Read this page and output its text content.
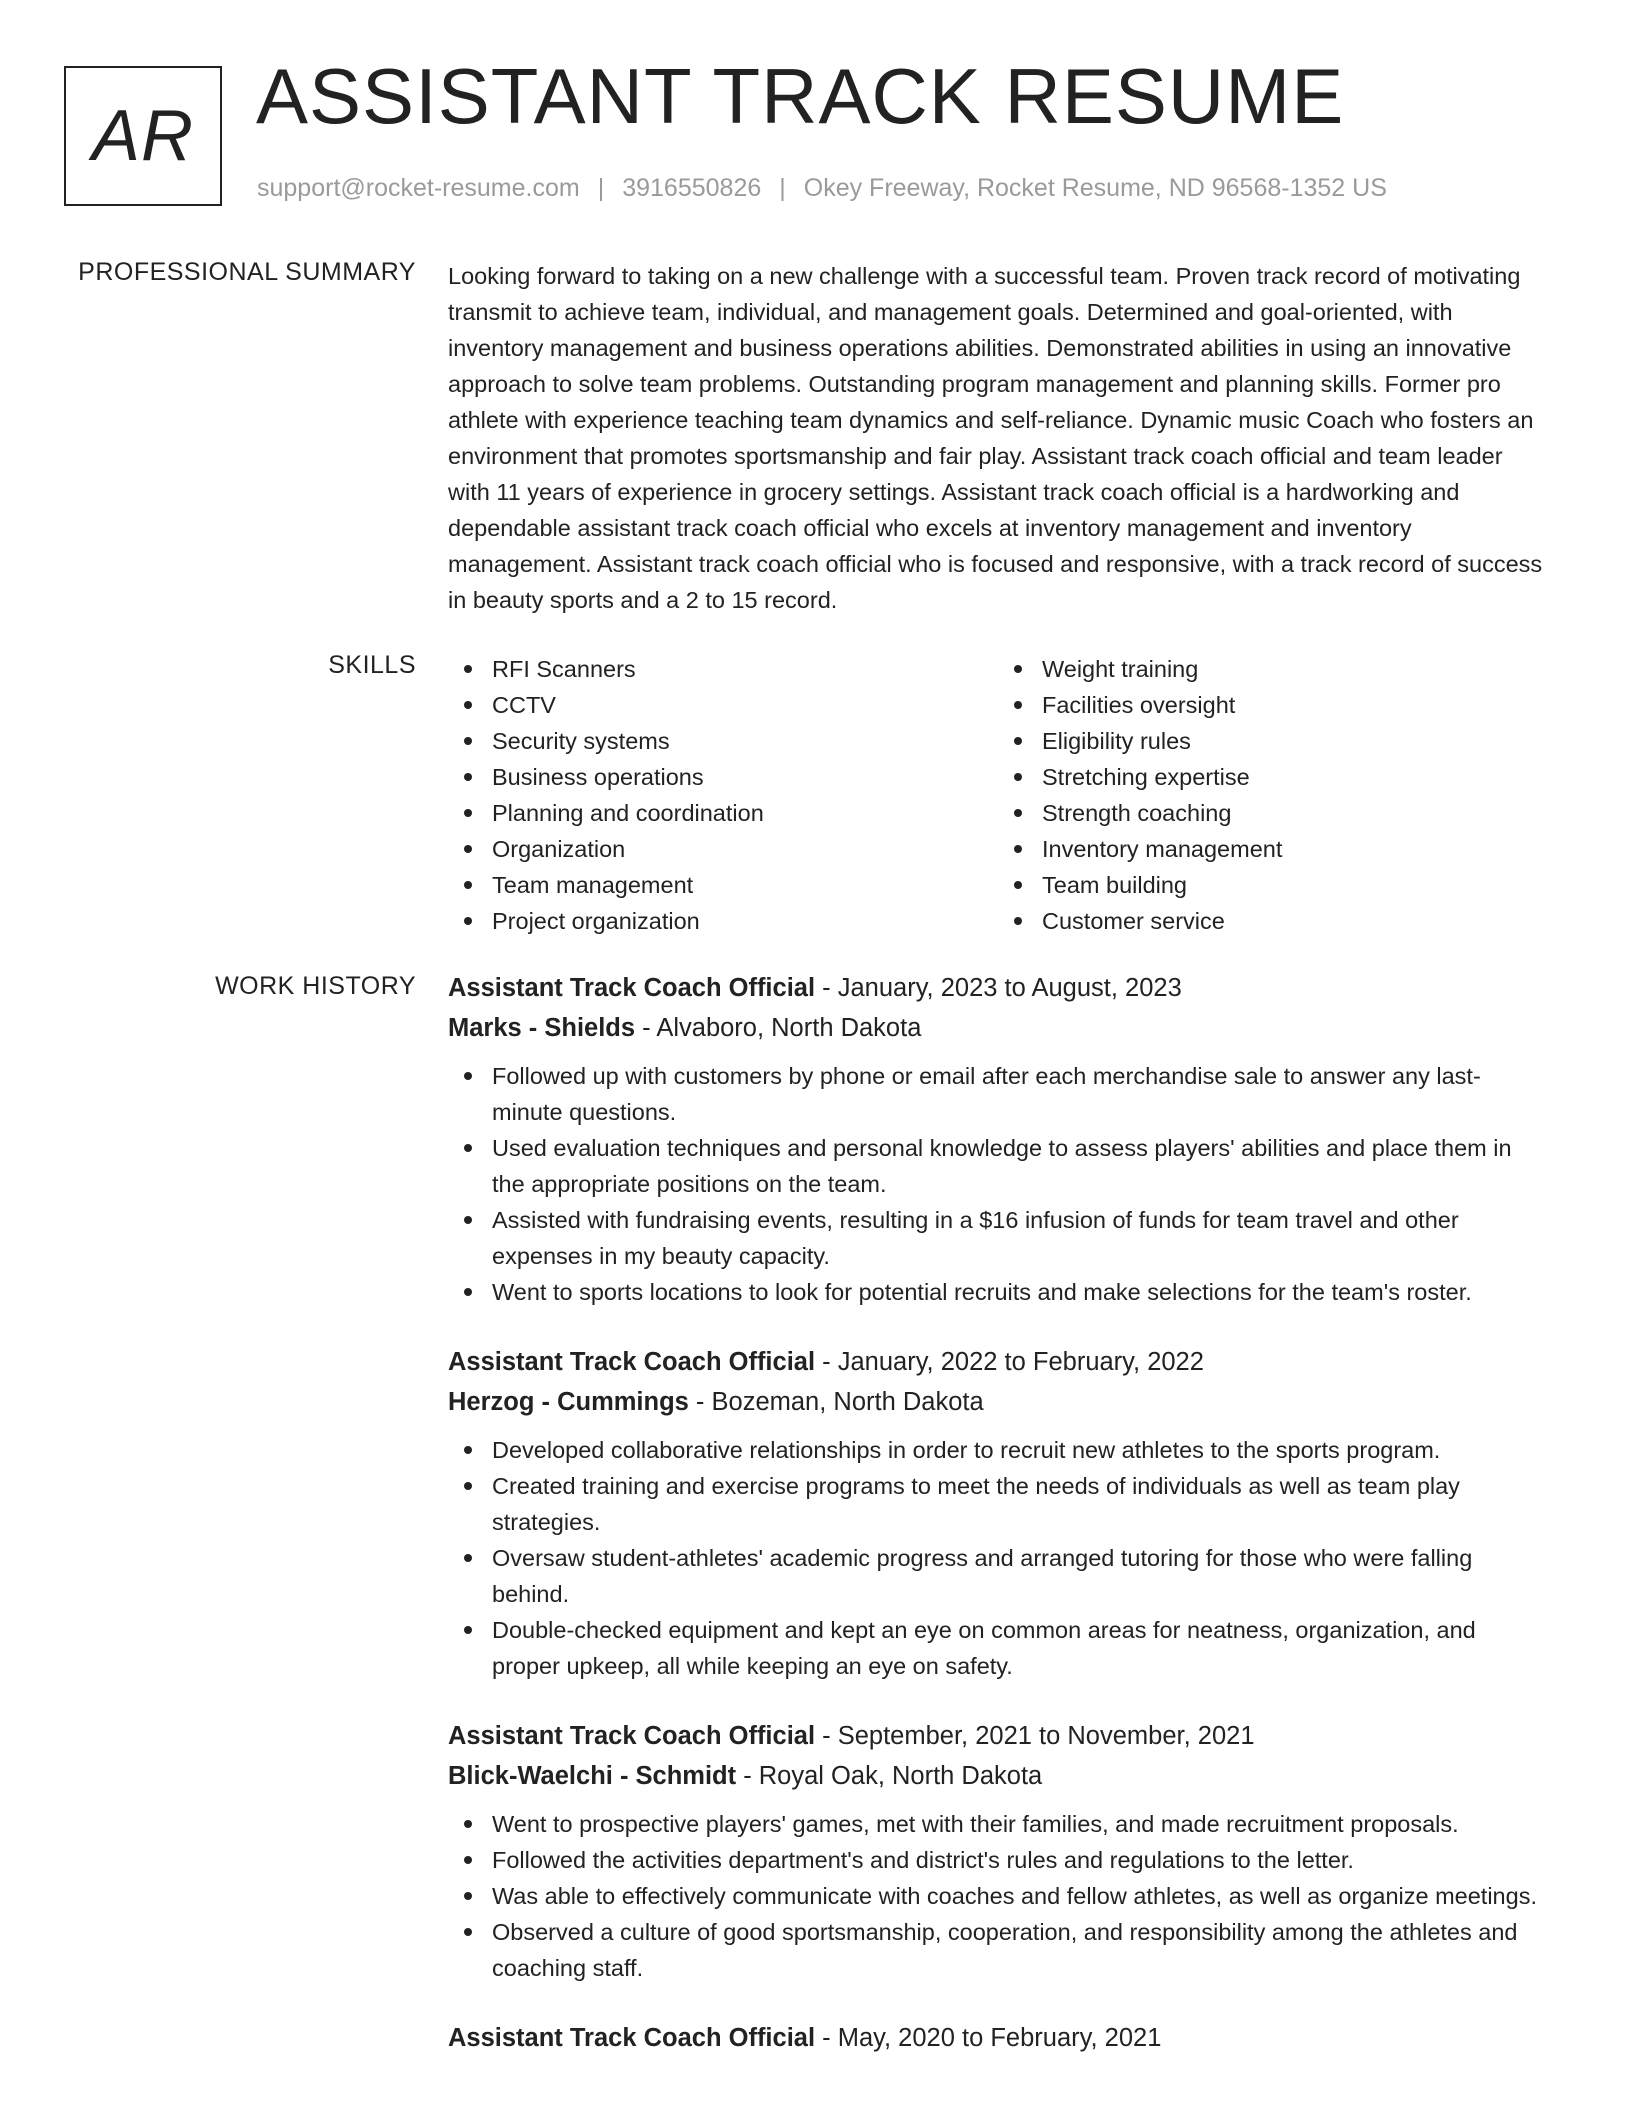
AR ASSISTANT TRACK RESUME
support@rocket-resume.com | 3916550826 | Okey Freeway, Rocket Resume, ND 96568-1352 US
PROFESSIONAL SUMMARY Looking forward to taking on a new challenge with a successful team. Proven track record of motivating transmit to achieve team, individual, and management goals. Determined and goal-oriented, with inventory management and business operations abilities. Demonstrated abilities in using an innovative approach to solve team problems. Outstanding program management and planning skills. Former pro athlete with experience teaching team dynamics and self-reliance. Dynamic music Coach who fosters an environment that promotes sportsmanship and fair play. Assistant track coach official and team leader with 11 years of experience in grocery settings. Assistant track coach official is a hardworking and dependable assistant track coach official who excels at inventory management and inventory management. Assistant track coach official who is focused and responsive, with a track record of success in beauty sports and a 2 to 15 record.

SKILLS	RFI Scanners
CCTV
Security systems
Business operations
Planning and coordination
Organization
Team management
Project organization
Weight training
Facilities oversight
Eligibility rules
Stretching expertise
Strength coaching
Inventory management
Team building
Customer service
WORK HISTORY Assistant Track Coach Official - January, 2023 to August, 2023
Marks - Shields - Alvaboro, North Dakota
Followed up with customers by phone or email after each merchandise sale to answer any last-minute questions.
Used evaluation techniques and personal knowledge to assess players' abilities and place them in the appropriate positions on the team.
Assisted with fundraising events, resulting in a $16 infusion of funds for team travel and other expenses in my beauty capacity.
Went to sports locations to look for potential recruits and make selections for the team's roster.
Assistant Track Coach Official - January, 2022 to February, 2022
Herzog - Cummings - Bozeman, North Dakota
Developed collaborative relationships in order to recruit new athletes to the sports program.
Created training and exercise programs to meet the needs of individuals as well as team play strategies.
Oversaw student-athletes' academic progress and arranged tutoring for those who were falling behind.
Double-checked equipment and kept an eye on common areas for neatness, organization, and proper upkeep, all while keeping an eye on safety.
Assistant Track Coach Official - September, 2021 to November, 2021
Blick-Waelchi - Schmidt - Royal Oak, North Dakota
Went to prospective players' games, met with their families, and made recruitment proposals.
Followed the activities department's and district's rules and regulations to the letter.
Was able to effectively communicate with coaches and fellow athletes, as well as organize meetings.
Observed a culture of good sportsmanship, cooperation, and responsibility among the athletes and coaching staff.
Assistant Track Coach Official - May, 2020 to February, 2021
